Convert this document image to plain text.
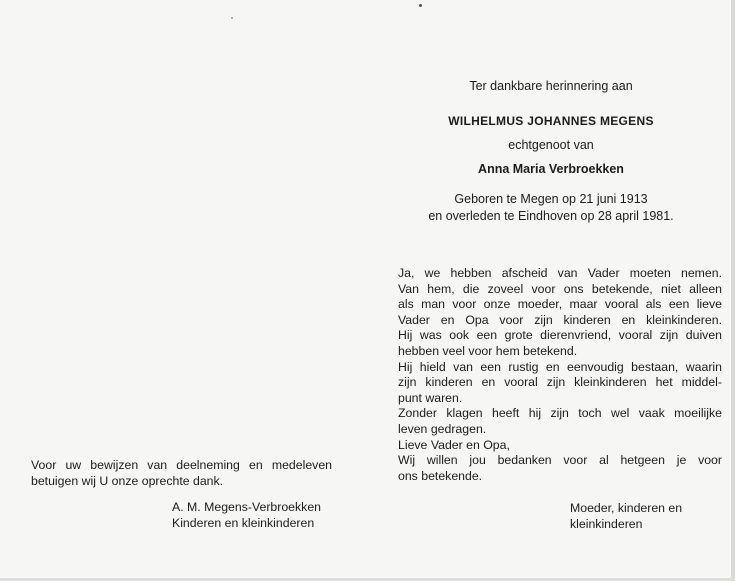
Voor uw bewijzen van deelneming en medeleven
betuigen wij U onze oprechte dank.
A. M. Megens-Verbroekken
Kinderen en kleinkinderen
Ter dankbare herinnering aan
WILHELMUS JOHANNES MEGENS
echtgenoot van
Anna Maria Verbroekken
Geboren te Megen op 21 juni 1913
en overleden te Eindhoven op 28 april 1981.
Ja, we hebben afscheid van Vader moeten nemen.
Van hem, die zoveel voor ons betekende, niet alleen
als man voor onze moeder, maar vooral als een lieve
Vader en Opa voor zijn kinderen en kleinkinderen.
Hij was ook een grote dierenvriend, vooral zijn duiven
hebben veel voor hem betekend.
Hij hield van een rustig en eenvoudig bestaan, waarin
zijn kinderen en vooral zijn kleinkinderen het middel-
punt waren.
Zonder klagen heeft hij zijn toch wel vaak moeilijke
leven gedragen.
Lieve Vader en Opa,
Wij willen jou bedanken voor al hetgeen je voor
ons betekende.
Moeder, kinderen en
kleinkinderen
